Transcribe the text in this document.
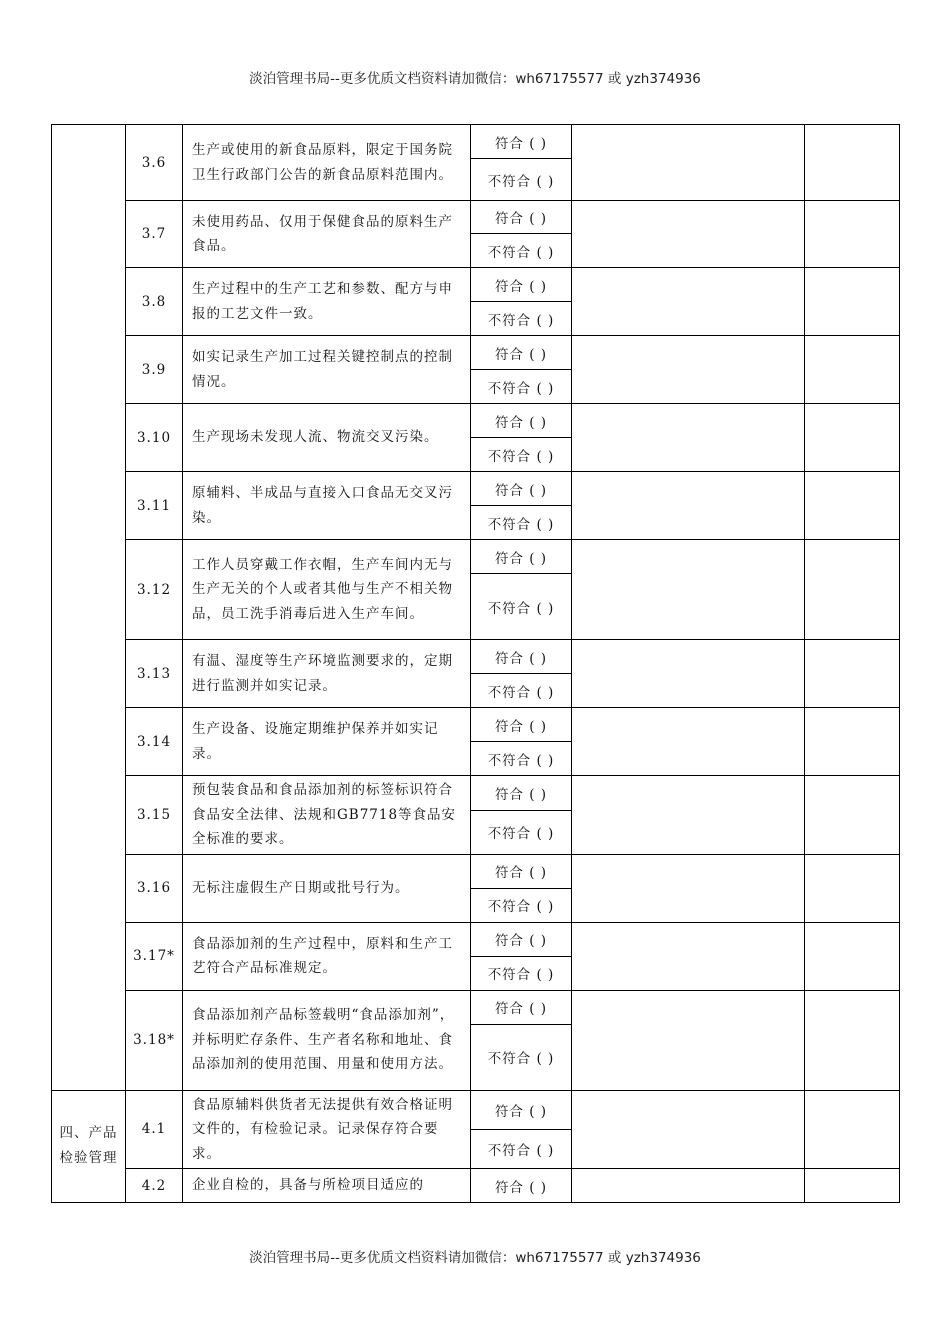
淡泊管理书局--更多优质文档资料请加微信：wh67175577 或 yzh374936
	3.6	生产或使用的新食品原料，限定于国务院卫生行政部门公告的新食品原料范围内。	符合 ( )		
			不符合 ( )		
	3.7	未使用药品、仅用于保健食品的原料生产食品。	符合 ( )		
			不符合 ( )		
	3.8	生产过程中的生产工艺和参数、配方与申报的工艺文件一致。	符合 ( )		
			不符合 ( )		
	3.9	如实记录生产加工过程关键控制点的控制情况。	符合 ( )		
			不符合 ( )		
	3.10	生产现场未发现人流、物流交叉污染。	符合 ( )		
			不符合 ( )		
	3.11	原辅料、半成品与直接入口食品无交叉污染。	符合 ( )		
			不符合 ( )		
	3.12	工作人员穿戴工作衣帽，生产车间内无与生产无关的个人或者其他与生产不相关物品，员工洗手消毒后进入生产车间。	符合 ( )		
			不符合 ( )		
	3.13	有温、湿度等生产环境监测要求的，定期进行监测并如实记录。	符合 ( )		
			不符合 ( )		
	3.14	生产设备、设施定期维护保养并如实记录。	符合 ( )		
			不符合 ( )		
	3.15	预包装食品和食品添加剂的标签标识符合食品安全法律、法规和GB7718等食品安全标准的要求。	符合 ( )		
			不符合 ( )		
	3.16	无标注虚假生产日期或批号行为。	符合 ( )		
			不符合 ( )		
	3.17*	食品添加剂的生产过程中，原料和生产工艺符合产品标准规定。	符合 ( )		
			不符合 ( )		
	3.18*	食品添加剂产品标签载明“食品添加剂”，并标明贮存条件、生产者名称和地址、食品添加剂的使用范围、用量和使用方法。	符合 ( )		
			不符合 ( )		
四、产品检验管理	4.1	食品原辅料供货者无法提供有效合格证明文件的，有检验记录。记录保存符合要求。	符合 ( )		
			不符合 ( )		
	4.2	企业自检的，具备与所检项目适应的	符合 ( )		
淡泊管理书局--更多优质文档资料请加微信：wh67175577 或 yzh374936
